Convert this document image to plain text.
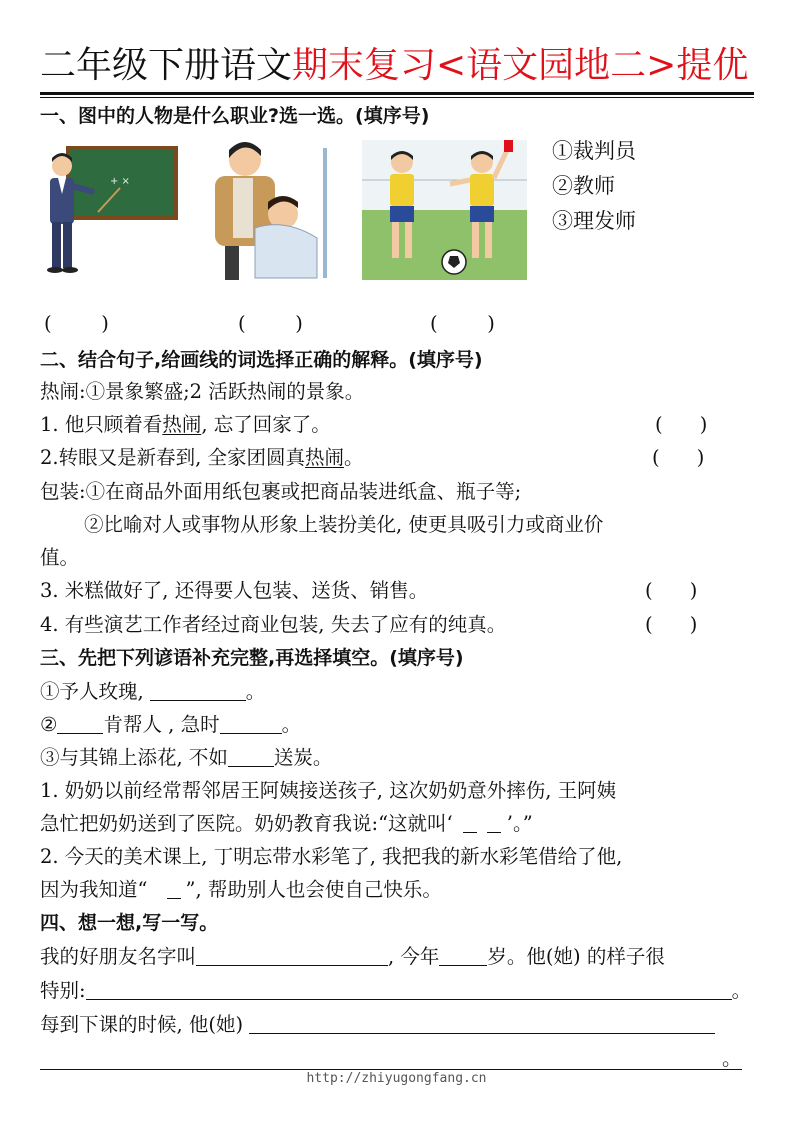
二年级下册语文期末复习<语文园地二>提优
一、图中的人物是什么职业?选一选。(填序号)
+ ×
①裁判员
②教师
③理发师
(        )	(        )	(        )
二、结合句子,给画线的词选择正确的解释。(填序号)
热闹:①景象繁盛;2 活跃热闹的景象。
1. 他只顾着看热闹, 忘了回家了。	(      )
2.转眼又是新春到, 全家团圆真热闹。	(      )
包装:①在商品外面用纸包裹或把商品装进纸盒、瓶子等;
②比喻对人或事物从形象上装扮美化, 使更具吸引力或商业价
值。
3. 米糕做好了, 还得要人包装、送货、销售。	(      )
4. 有些演艺工作者经过商业包装, 失去了应有的纯真。	(      )
三、先把下列谚语补充完整,再选择填空。(填序号)
①予人玫瑰,	。
② 肯帮人 , 急时	。
③与其锦上添花, 不如 送炭。
1. 奶奶以前经常帮邻居王阿姨接送孩子, 这次奶奶意外摔伤, 王阿姨
急忙把奶奶送到了医院。奶奶教育我说:“这就叫‘	’。”
2. 今天的美术课上, 丁明忘带水彩笔了, 我把我的新水彩笔借给了他,
因为我知道“ ”, 帮助别人也会使自己快乐。
四、想一想,写一写。
我的好朋友名字叫	, 今年 岁。他(她) 的样子很
特别:	。
每到下课的时候, 他(她)
。
http://zhiyugongfang.cn
